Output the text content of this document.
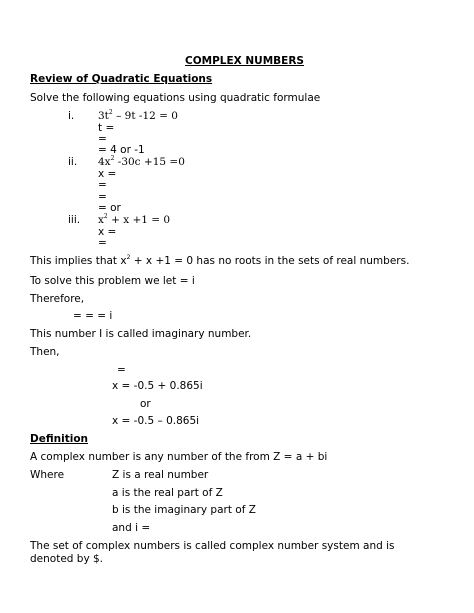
COMPLEX NUMBERS
Review of Quadratic Equations
Solve the following equations using quadratic formulae
i. $3t^2 - 9t$ -12 = 0
t =
=
= 4 or -1
ii. $4x^2$ -30c +15 =0
x =
=
=
= or
iii. $x^2 + x +1 = 0$
x =
=
This implies that $x^2 + x +1 = 0$ has no roots in the sets of real numbers.
To solve this problem we let = i
Therefore,
= = = i
This number I is called imaginary number.
Then,
=
x = -0.5 + 0.865i
or
x = -0.5 – 0.865i
Definition
A complex number is any number of the from Z = a + bi
Where	Z is a real number
a is the real part of Z
b is the imaginary part of Z
and i =
The set of complex numbers is called complex number system and is
denoted by $.
